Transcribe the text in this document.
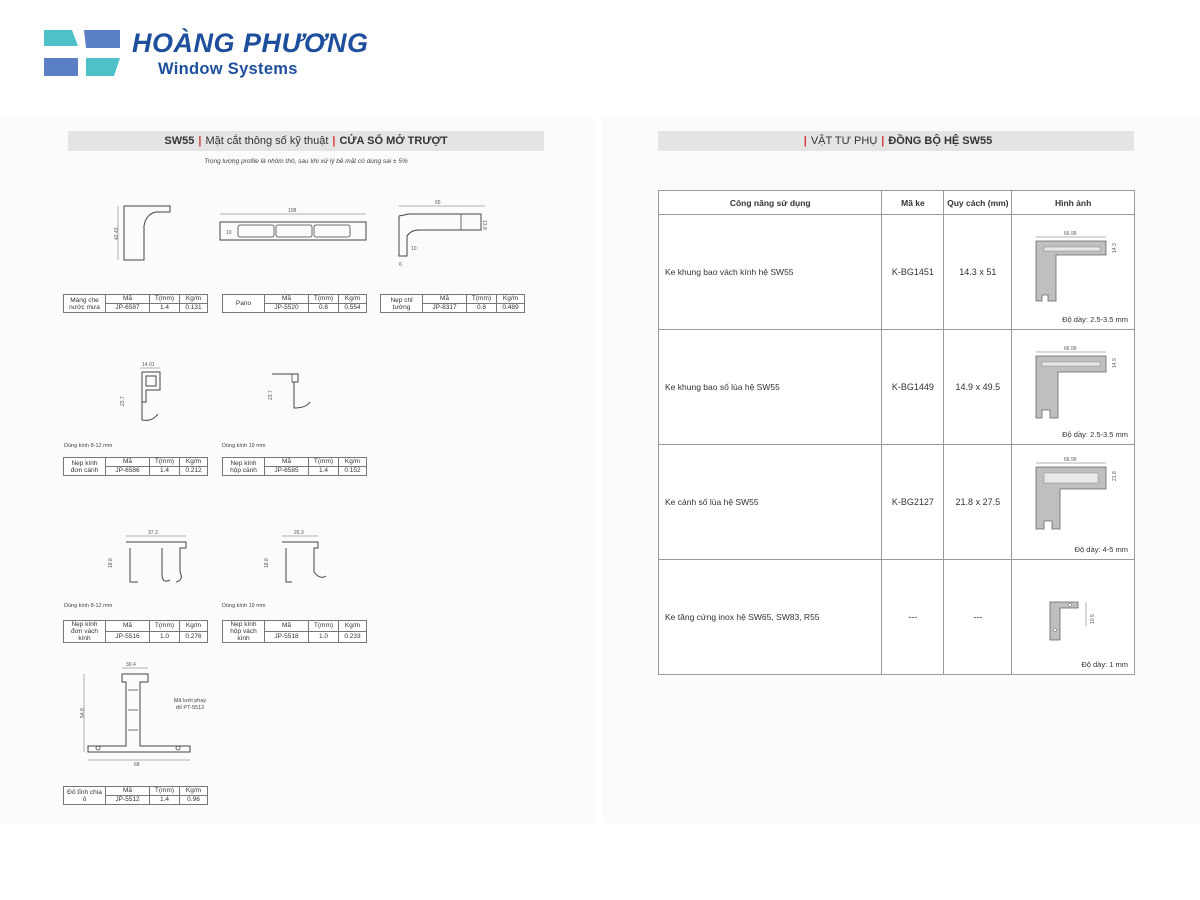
HOÀNG PHƯƠNG
Window Systems
SW55 | Mặt cắt thông số kỹ thuật | CỬA SỔ MỞ TRƯỢT
Trọng lượng profile là nhôm thô, sau khi xử lý bề mặt có dung sai ± 5%
42.43
108
10
65
13.8
10
6
Máng che nước mưa	Mã	T(mm)	Kg/m
	JP-6587	1.4	0.131
Pano	Mã	T(mm)	Kg/m
	JP-5520	0.8	0.554
Nẹp chỉ tường	Mã	T(mm)	Kg/m
	JP-8317	0.8	0.489
14.01
23.7
23.7
Dùng kính 8-12 mm	Dùng kính 19 mm
Nẹp kính đơn cánh	Mã	T(mm)	Kg/m
	JP-6586	1.4	0.212
Nẹp kính hộp cánh	Mã	T(mm)	Kg/m
	JP-6585	1.4	0.152
37.3
18.8
26.3
18.8
Dùng kính 8-12 mm	Dùng kính 19 mm
Nẹp kính đơn vách kính	Mã	T(mm)	Kg/m
	JP-5516	1.0	0.276
Nẹp kính hộp vách kính	Mã	T(mm)	Kg/m
	JP-5518	1.0	0.233
30.4
54.8
68
Mã lưới phay đố PT-5512
Đố tĩnh chia ô	Mã	T(mm)	Kg/m
	JP-5512	1.4	0.96
| VẬT TƯ PHỤ | ĐỒNG BỘ HỆ SW55
Công năng sử dụng	Mã ke	Quy cách (mm)	Hình ảnh
Ke khung bao vách kính hệ SW55	K-BG1451	14.3 x 51	66.99
14.3
Độ dày: 2.5-3.5 mm

Ke khung bao số lùa hệ SW55	K-BG1449	14.9 x 49.5	66.99
14.9
Độ dày: 2.5-3.5 mm

Ke cánh số lùa hệ SW55	K-BG2127	21.8 x 27.5	66.99
21.8
Độ dày: 4-5 mm

Ke tăng cứng inox hệ SW65, SW83, R55	---	---	10.5
Độ dày: 1 mm
